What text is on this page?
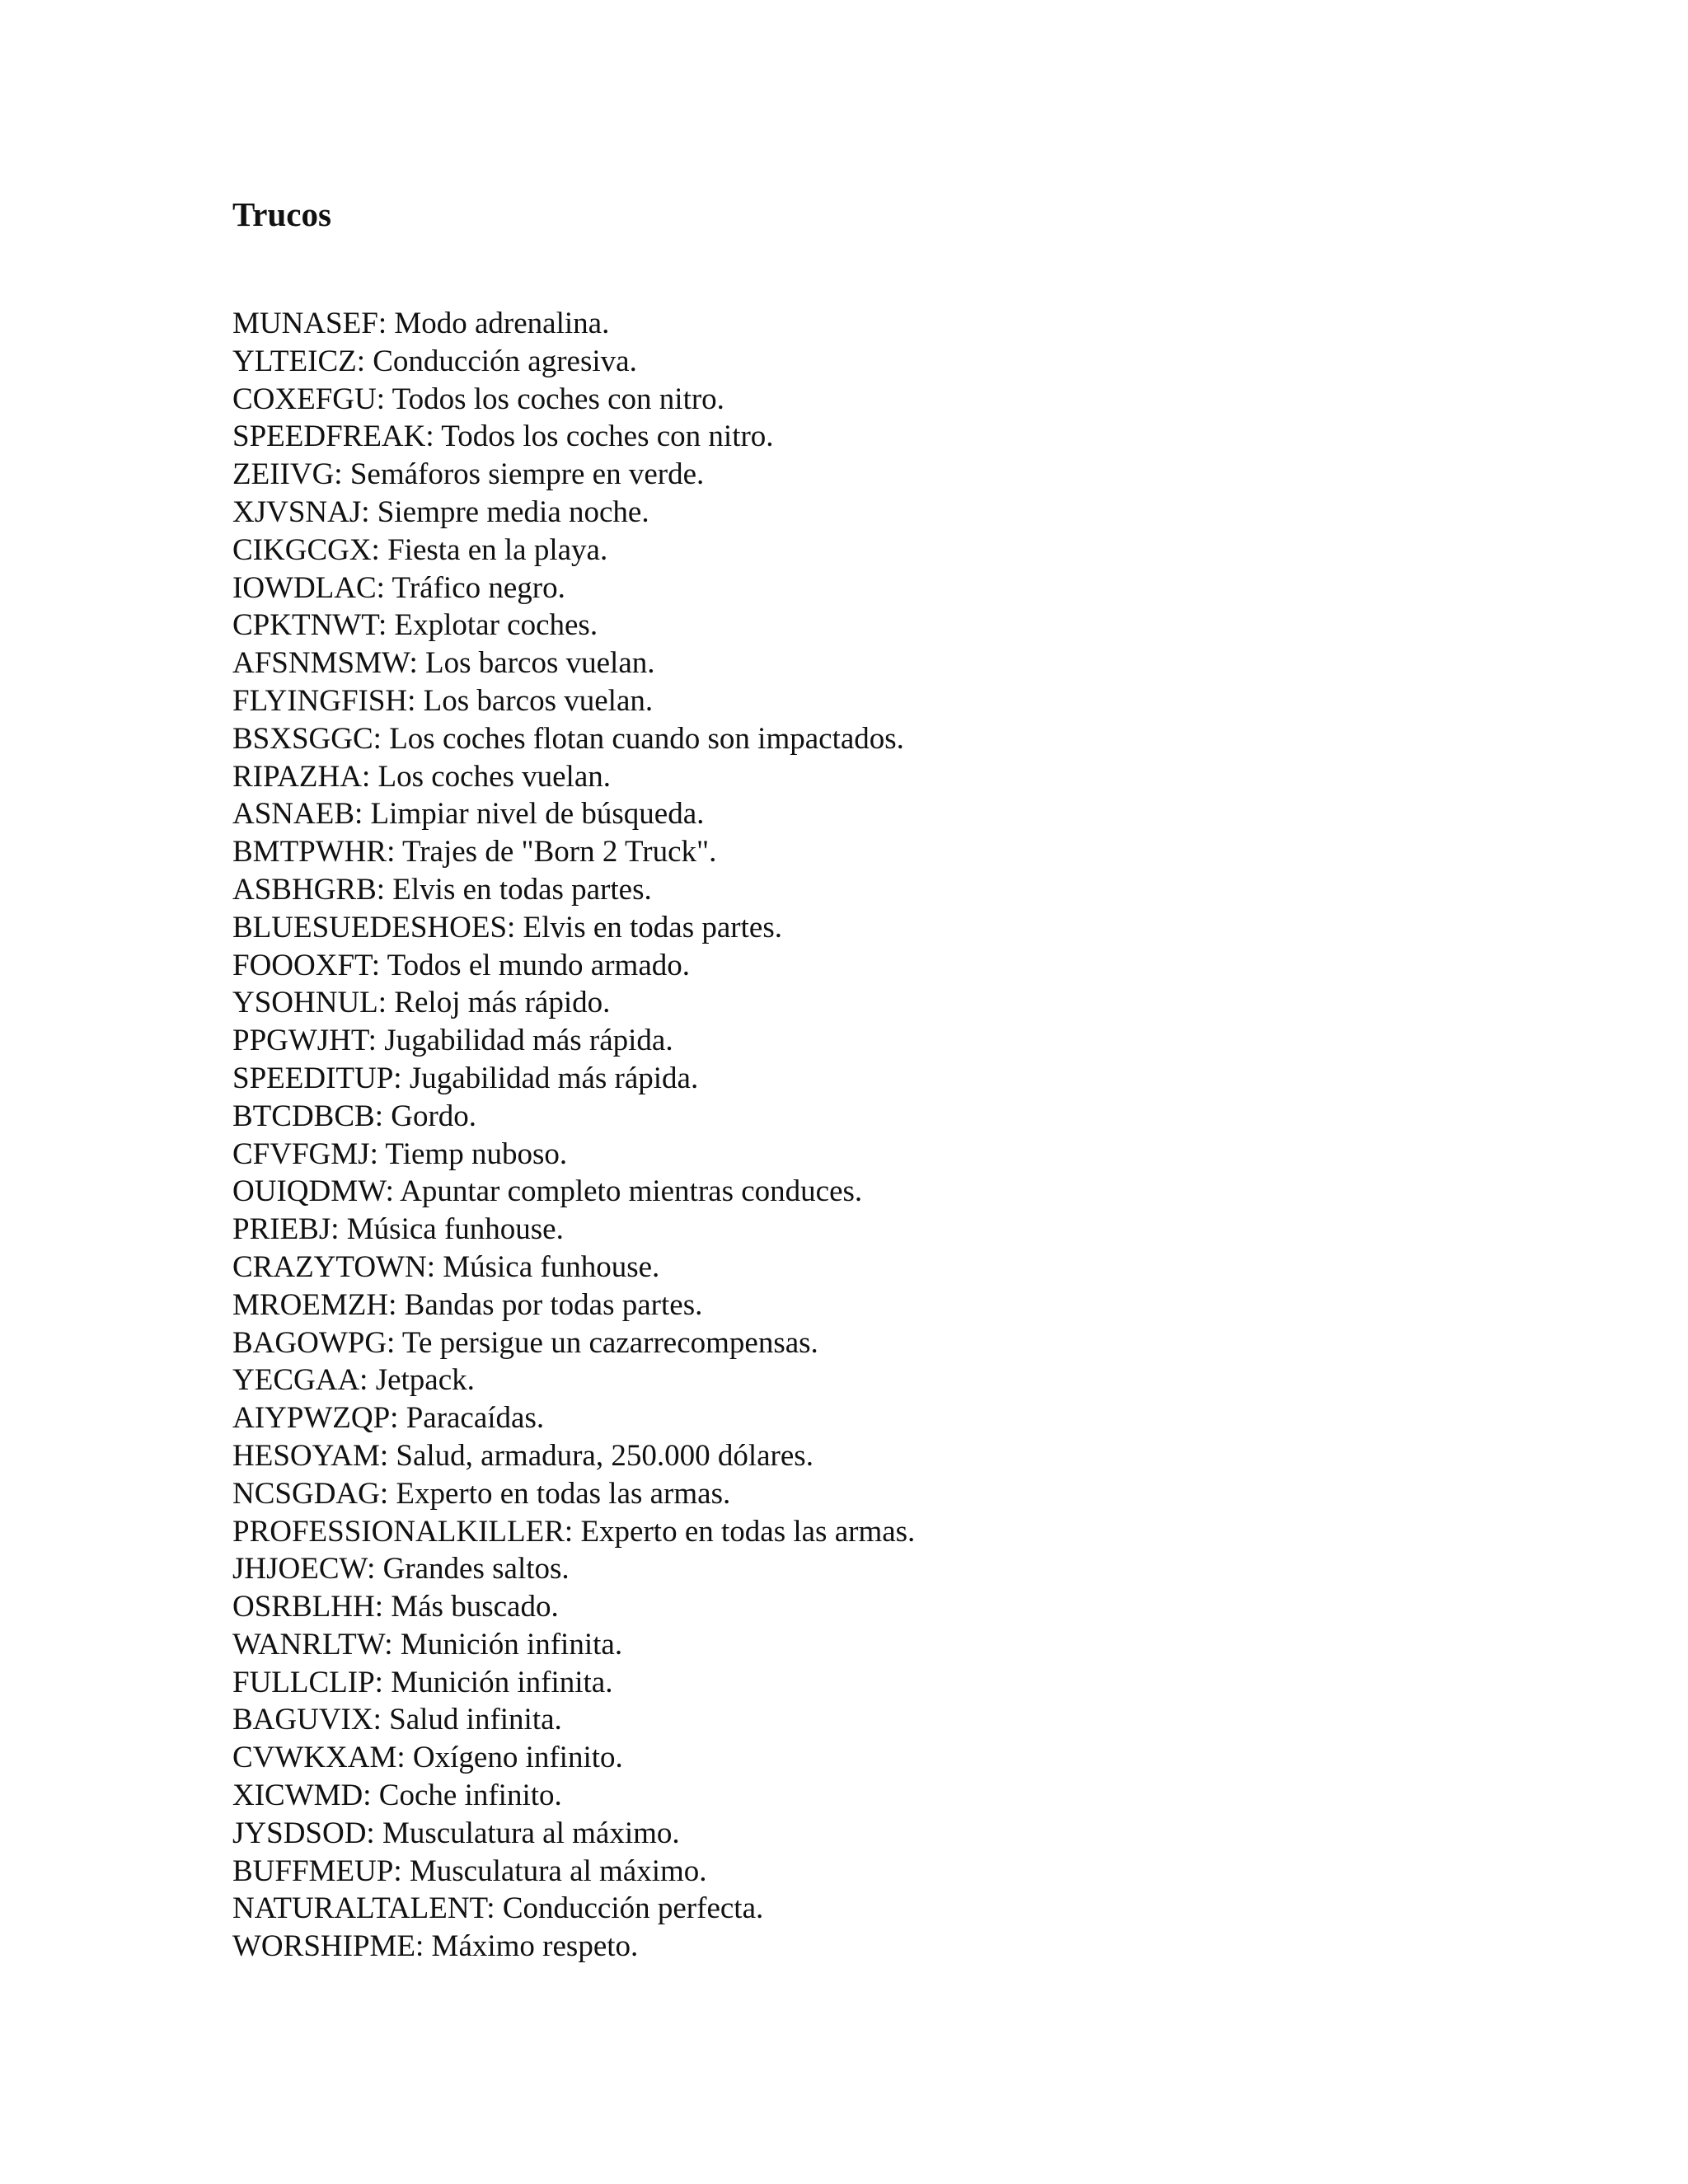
Trucos
MUNASEF: Modo adrenalina.
YLTEICZ: Conducción agresiva.
COXEFGU: Todos los coches con nitro.
SPEEDFREAK: Todos los coches con nitro.
ZEIIVG: Semáforos siempre en verde.
XJVSNAJ: Siempre media noche.
CIKGCGX: Fiesta en la playa.
IOWDLAC: Tráfico negro.
CPKTNWT: Explotar coches.
AFSNMSMW: Los barcos vuelan.
FLYINGFISH: Los barcos vuelan.
BSXSGGC: Los coches flotan cuando son impactados.
RIPAZHA: Los coches vuelan.
ASNAEB: Limpiar nivel de búsqueda.
BMTPWHR: Trajes de "Born 2 Truck".
ASBHGRB: Elvis en todas partes.
BLUESUEDESHOES: Elvis en todas partes.
FOOOXFT: Todos el mundo armado.
YSOHNUL: Reloj más rápido.
PPGWJHT: Jugabilidad más rápida.
SPEEDITUP: Jugabilidad más rápida.
BTCDBCB: Gordo.
CFVFGMJ: Tiemp nuboso.
OUIQDMW: Apuntar completo mientras conduces.
PRIEBJ: Música funhouse.
CRAZYTOWN: Música funhouse.
MROEMZH: Bandas por todas partes.
BAGOWPG: Te persigue un cazarrecompensas.
YECGAA: Jetpack.
AIYPWZQP: Paracaídas.
HESOYAM: Salud, armadura, 250.000 dólares.
NCSGDAG: Experto en todas las armas.
PROFESSIONALKILLER: Experto en todas las armas.
JHJOECW: Grandes saltos.
OSRBLHH: Más buscado.
WANRLTW: Munición infinita.
FULLCLIP: Munición infinita.
BAGUVIX: Salud infinita.
CVWKXAM: Oxígeno infinito.
XICWMD: Coche infinito.
JYSDSOD: Musculatura al máximo.
BUFFMEUP: Musculatura al máximo.
NATURALTALENT: Conducción perfecta.
WORSHIPME: Máximo respeto.
